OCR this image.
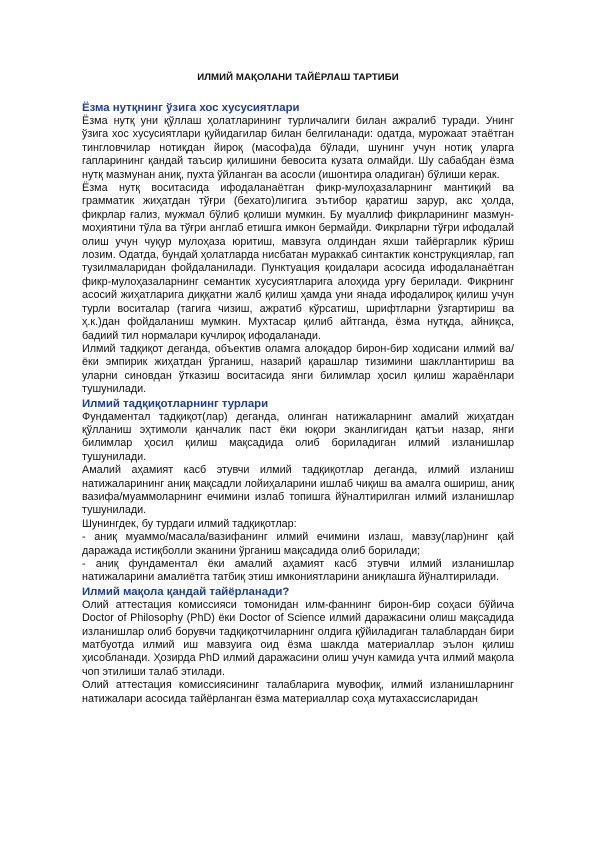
ИЛМИЙ МАҚОЛАНИ ТАЙЁРЛАШ ТАРТИБИ
Ёзма нутқнинг ўзига хос хусусиятлари

Ёзма нутқ уни қўллаш ҳолатларининг турличалиги билан ажралиб туради. Унинг ўзига хос хусусиятлари қуйидагилар билан белгиланади: одатда, мурожаат этаётган тингловчилар нотиқдан йироқ (масофа)да бўлади, шунинг учун нотиқ уларга гапларининг қандай таъсир қилишини бевосита кузата олмайди. Шу сабабдан ёзма нутқ мазмунан аниқ, пухта ўйланган ва асосли (ишонтира оладиган) бўлиши керак.

Ёзма нутқ воситасида ифодаланаётган фикр-мулоҳазаларнинг мантиқий ва грамматик жиҳатдан тўғри (бехато)лигига эътибор қаратиш зарур, акс ҳолда, фикрлар ғализ, мужмал бўлиб қолиши мумкин. Бу муаллиф фикрларининг мазмун-моҳиятини тўла ва тўғри англаб етишга имкон бермайди. Фикрларни тўғри ифодалай олиш учун чуқур мулоҳаза юритиш, мавзуга олдиндан яхши тайёргарлик кўриш лозим. Одатда, бундай ҳолатларда нисбатан мураккаб синтактик конструкциялар, гап тузилмаларидан фойдаланилади. Пунктуация қоидалари асосида ифодаланаётган фикр-мулоҳазаларнинг семантик хусусиятларига алоҳида урғу берилади. Фикрнинг асосий жиҳатларига диққатни жалб қилиш ҳамда уни янада ифодалироқ қилиш учун турли воситалар (тагига чизиш, ажратиб кўрсатиш, шрифтларни ўзгартириш ва ҳ.к.)дан фойдаланиш мумкин. Мухтасар қилиб айтганда, ёзма нутқда, айниқса, бадиий тил нормалари кучлироқ ифодаланади.

Илмий тадқиқот деганда, объектив оламга алоқадор бирон-бир ходисани илмий ва/ёки эмпирик жиҳатдан ўрганиш, назарий қарашлар тизимини шакллантириш ва уларни синовдан ўтказиш воситасида янги билимлар ҳосил қилиш жараёнлари тушунилади.

Илмий тадқиқотларнинг турлари

Фундаментал тадқиқот(лар) деганда, олинган натижаларнинг амалий жиҳатдан қўлланиш эҳтимоли қанчалик паст ёки юқори эканлигидан қатъи назар, янги билимлар ҳосил қилиш мақсадида олиб бориладиган илмий изланишлар тушунилади.

Амалий аҳамият касб этувчи илмий тадқиқотлар деганда, илмий изланиш натижаларининг аниқ мақсадли лойиҳаларини ишлаб чиқиш ва амалга ошириш, аниқ вазифа/муаммоларнинг ечимини излаб топишга йўналтирилган илмий изланишлар тушунилади.

Шунингдек, бу турдаги илмий тадқиқотлар:

- аниқ муаммо/масала/вазифанинг илмий ечимини излаш, мавзу(лар)нинг қай даражада истиқболли эканини ўрганиш мақсадида олиб борилади;

- аниқ фундаментал ёки амалий аҳамият касб этувчи илмий изланишлар натижаларини амалиётга татбиқ этиш имкониятларини аниқлашга йўналтирилади.

Илмий мақола қандай тайёрланади?

Олий аттестация комиссияси томонидан илм-фаннинг бирон-бир соҳаси бўйича Doctor of Philosophy (PhD) ёки Doctor of Science илмий даражасини олиш мақсадида изланишлар олиб борувчи тадқиқотчиларнинг олдига қўйиладиган талаблардан бири матбуотда илмий иш мавзуига оид ёзма шаклда материаллар эълон қилиш ҳисобланади. Ҳозирда PhD илмий даражасини олиш учун камида учта илмий мақола чоп этилиши талаб этилади.

Олий аттестация комиссиясининг талабларига мувофиқ, илмий изланишларнинг натижалари асосида тайёрланган ёзма материаллар соҳа мутахассисларидан
